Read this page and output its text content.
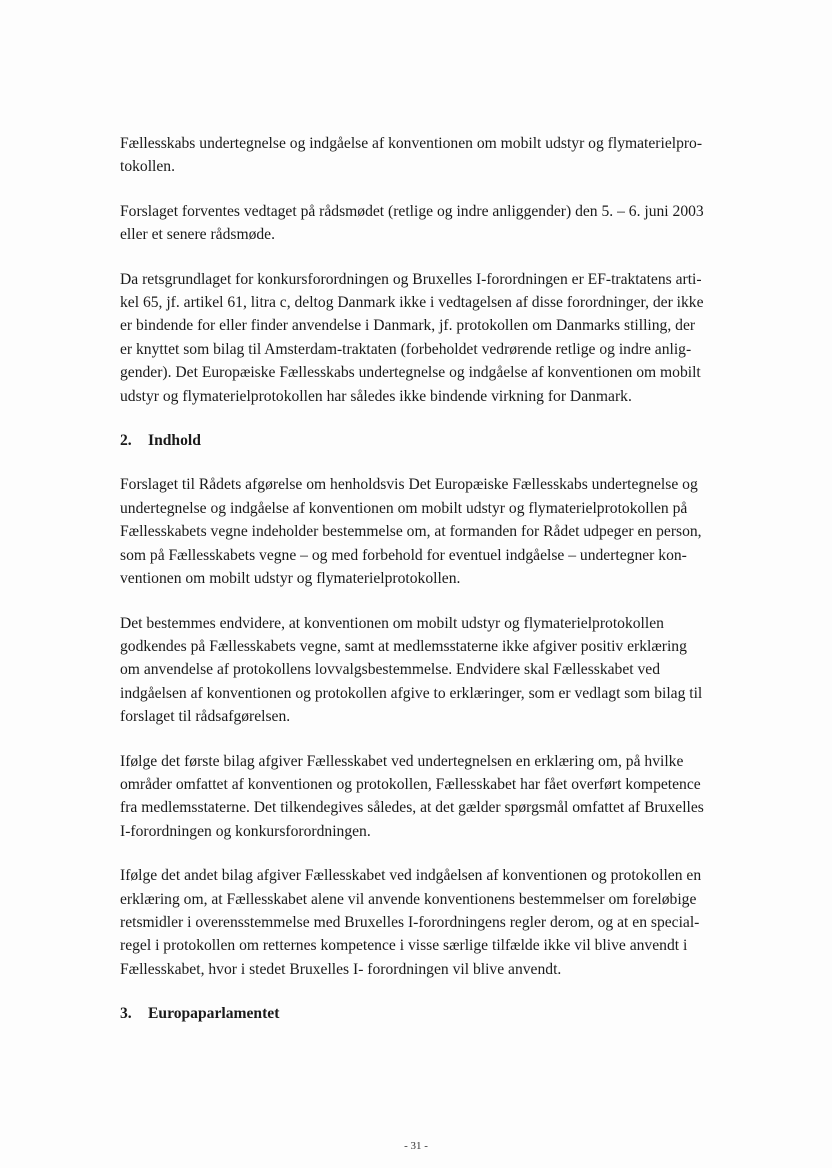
Fællesskabs undertegnelse og indgåelse af konventionen om mobilt udstyr og flymaterielpro-
tokollen.

Forslaget forventes vedtaget på rådsmødet (retlige og indre anliggender) den 5. – 6. juni 2003
eller et senere rådsmøde.

Da retsgrundlaget for konkursforordningen og Bruxelles I-forordningen er EF-traktatens arti-
kel 65, jf. artikel 61, litra c, deltog Danmark ikke i vedtagelsen af disse forordninger, der ikke
er bindende for eller finder anvendelse i Danmark, jf. protokollen om Danmarks stilling, der
er knyttet som bilag til Amsterdam-traktaten (forbeholdet vedrørende retlige og indre anlig-
gender). Det Europæiske Fællesskabs undertegnelse og indgåelse af konventionen om mobilt
udstyr og flymaterielprotokollen har således ikke bindende virkning for Danmark.

2. Indhold

Forslaget til Rådets afgørelse om henholdsvis Det Europæiske Fællesskabs undertegnelse og
undertegnelse og indgåelse af konventionen om mobilt udstyr og flymaterielprotokollen på
Fællesskabets vegne indeholder bestemmelse om, at formanden for Rådet udpeger en person,
som på Fællesskabets vegne – og med forbehold for eventuel indgåelse – undertegner kon-
ventionen om mobilt udstyr og flymaterielprotokollen.

Det bestemmes endvidere, at konventionen om mobilt udstyr og flymaterielprotokollen
godkendes på Fællesskabets vegne, samt at medlemsstaterne ikke afgiver positiv erklæring
om anvendelse af protokollens lovvalgsbestemmelse. Endvidere skal Fællesskabet ved
indgåelsen af konventionen og protokollen afgive to erklæringer, som er vedlagt som bilag til
forslaget til rådsafgørelsen.

Ifølge det første bilag afgiver Fællesskabet ved undertegnelsen en erklæring om, på hvilke
områder omfattet af konventionen og protokollen, Fællesskabet har fået overført kompetence
fra medlemsstaterne. Det tilkendegives således, at det gælder spørgsmål omfattet af Bruxelles
I-forordningen og konkursforordningen.

Ifølge det andet bilag afgiver Fællesskabet ved indgåelsen af konventionen og protokollen en
erklæring om, at Fællesskabet alene vil anvende konventionens bestemmelser om foreløbige
retsmidler i overensstemmelse med Bruxelles I-forordningens regler derom, og at en special-
regel i protokollen om retternes kompetence i visse særlige tilfælde ikke vil blive anvendt i
Fællesskabet, hvor i stedet Bruxelles I- forordningen vil blive anvendt.

3. Europaparlamentet
- 31 -
